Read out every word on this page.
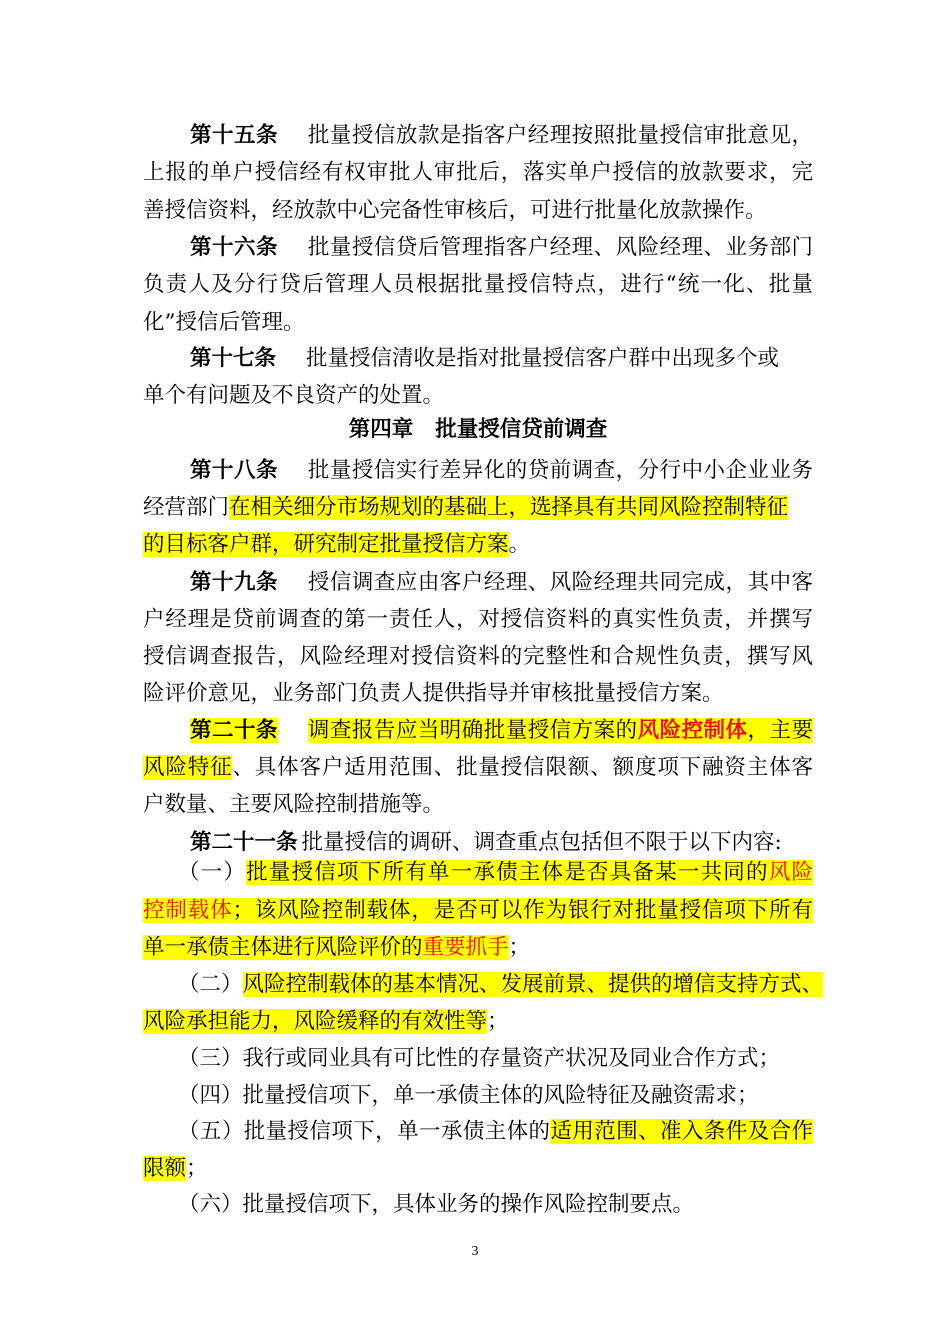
第十五条 批量授信放款是指客户经理按照批量授信审批意见，
上报的单户授信经有权审批人审批后，落实单户授信的放款要求，完
善授信资料，经放款中心完备性审核后，可进行批量化放款操作。
第十六条 批量授信贷后管理指客户经理、风险经理、业务部门
负责人及分行贷后管理人员根据批量授信特点，进行“统一化、批量
化”授信后管理。
第十七条 批量授信清收是指对批量授信客户群中出现多个或
单个有问题及不良资产的处置。
第四章 批量授信贷前调查
第十八条 批量授信实行差异化的贷前调查，分行中小企业业务
经营部门在相关细分市场规划的基础上，选择具有共同风险控制特征
的目标客户群，研究制定批量授信方案。
第十九条 授信调查应由客户经理、风险经理共同完成，其中客
户经理是贷前调查的第一责任人，对授信资料的真实性负责，并撰写
授信调查报告，风险经理对授信资料的完整性和合规性负责，撰写风
险评价意见，业务部门负责人提供指导并审核批量授信方案。
第二十条 调查报告应当明确批量授信方案的风险控制体，主要
风险特征、具体客户适用范围、批量授信限额、额度项下融资主体客
户数量、主要风险控制措施等。
第二十一条 批量授信的调研、调查重点包括但不限于以下内容:
（一）批量授信项下所有单一承债主体是否具备某一共同的风险
控制载体；该风险控制载体，是否可以作为银行对批量授信项下所有
单一承债主体进行风险评价的重要抓手；
（二）风险控制载体的基本情况、发展前景、提供的增信支持方式、
风险承担能力，风险缓释的有效性等；
（三）我行或同业具有可比性的存量资产状况及同业合作方式；
（四）批量授信项下，单一承债主体的风险特征及融资需求；
（五）批量授信项下，单一承债主体的适用范围、准入条件及合作
限额；
（六）批量授信项下，具体业务的操作风险控制要点。
3
